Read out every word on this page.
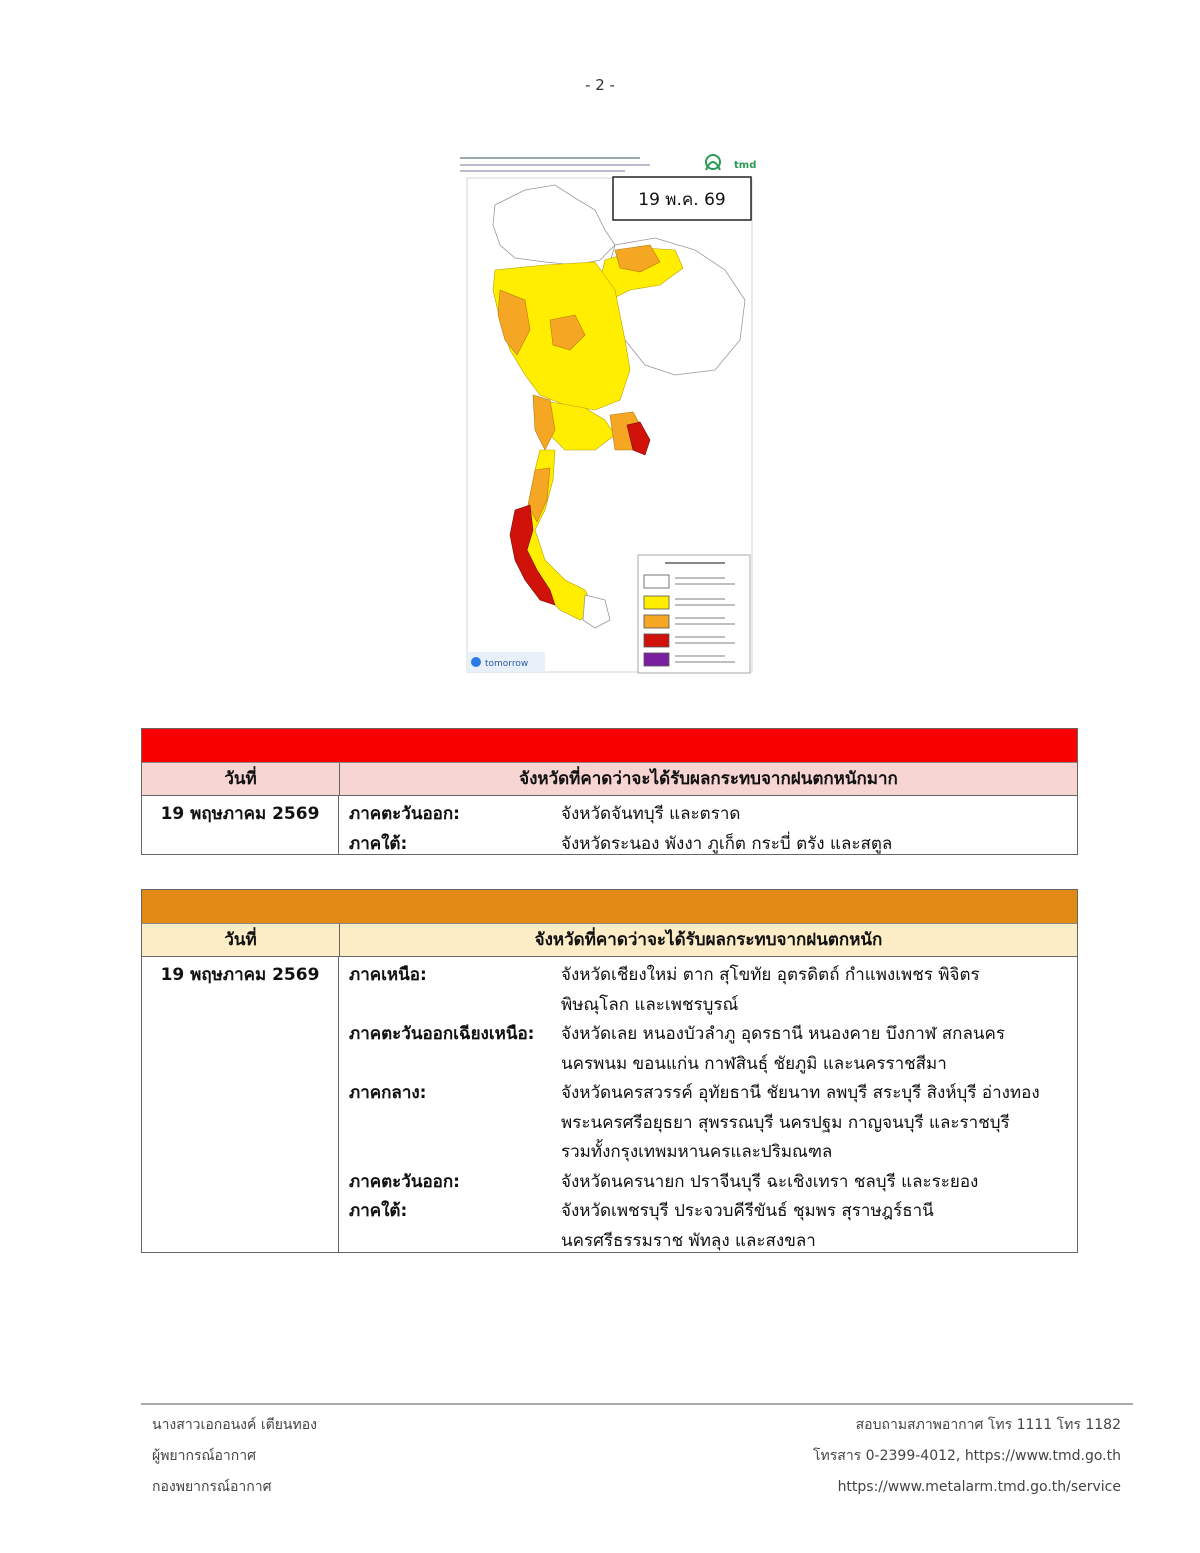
- 2 -
tmd
19 พ.ค. 69
tomorrow
วันที่	จังหวัดที่คาดว่าจะได้รับผลกระทบจากฝนตกหนักมาก
19 พฤษภาคม 2569	ภาคตะวันออก:	จังหวัดจันทบุรี และตราด
ภาคใต้:	จังหวัดระนอง พังงา ภูเก็ต กระบี่ ตรัง และสตูล
วันที่	จังหวัดที่คาดว่าจะได้รับผลกระทบจากฝนตกหนัก
19 พฤษภาคม 2569	ภาคเหนือ:	จังหวัดเชียงใหม่ ตาก สุโขทัย อุตรดิตถ์ กำแพงเพชร พิจิตร พิษณุโลก และเพชรบูรณ์
ภาคตะวันออกเฉียงเหนือ:	จังหวัดเลย หนองบัวลำภู อุดรธานี หนองคาย บึงกาฬ สกลนคร นครพนม ขอนแก่น กาฬสินธุ์ ชัยภูมิ และนครราชสีมา
ภาคกลาง:	จังหวัดนครสวรรค์ อุทัยธานี ชัยนาท ลพบุรี สระบุรี สิงห์บุรี อ่างทอง พระนครศรีอยุธยา สุพรรณบุรี นครปฐม กาญจนบุรี และราชบุรี รวมทั้งกรุงเทพมหานครและปริมณฑล
ภาคตะวันออก:	จังหวัดนครนายก ปราจีนบุรี ฉะเชิงเทรา ชลบุรี และระยอง
ภาคใต้:	จังหวัดเพชรบุรี ประจวบคีรีขันธ์ ชุมพร สุราษฎร์ธานี นครศรีธรรมราช พัทลุง และสงขลา
นางสาวเอกอนงค์ เตียนทอง
ผู้พยากรณ์อากาศ
กองพยากรณ์อากาศ
สอบถามสภาพอากาศ โทร 1111 โทร 1182
โทรสาร 0-2399-4012, https://www.tmd.go.th
https://www.metalarm.tmd.go.th/service
